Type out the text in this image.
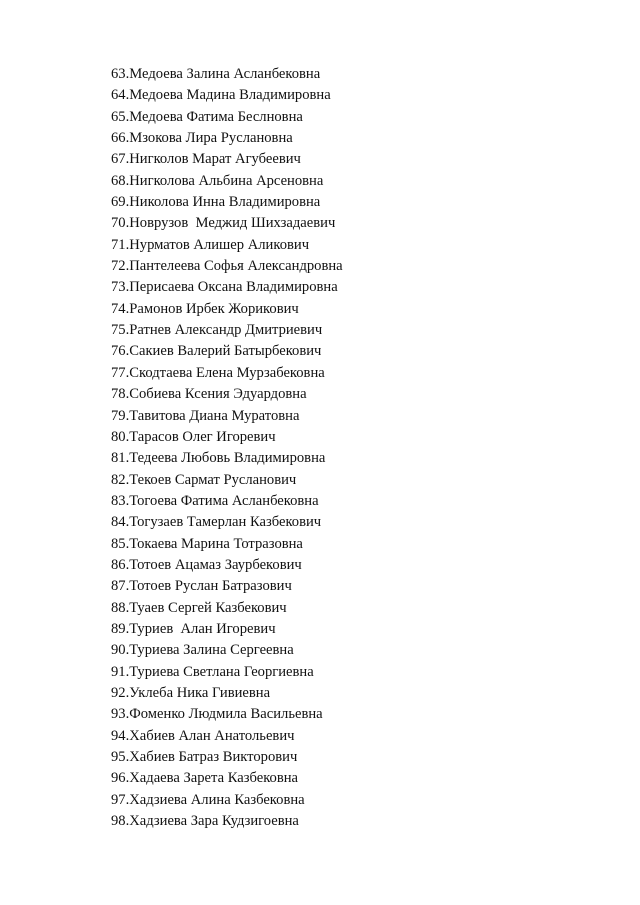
63.Медоева Залина Асланбековна
64.Медоева Мадина Владимировна
65.Медоева Фатима Беслновна
66.Мзокова Лира Руслановна
67.Нигколов Марат Агубеевич
68.Нигколова Альбина Арсеновна
69.Николова Инна Владимировна
70.Новрузов  Меджид Шихзадаевич
71.Нурматов Алишер Аликович
72.Пантелеева Софья Александровна
73.Перисаева Оксана Владимировна
74.Рамонов Ирбек Жорикович
75.Ратнев Александр Дмитриевич
76.Сакиев Валерий Батырбекович
77.Скодтаева Елена Мурзабековна
78.Собиева Ксения Эдуардовна
79.Тавитова Диана Муратовна
80.Тарасов Олег Игоревич
81.Тедеева Любовь Владимировна
82.Текоев Сармат Русланович
83.Тогоева Фатима Асланбековна
84.Тогузаев Тамерлан Казбекович
85.Токаева Марина Тотразовна
86.Тотоев Ацамаз Заурбекович
87.Тотоев Руслан Батразович
88.Туаев Сергей Казбекович
89.Туриев  Алан Игоревич
90.Туриева Залина Сергеевна
91.Туриева Светлана Георгиевна
92.Уклеба Ника Гивиевна
93.Фоменко Людмила Васильевна
94.Хабиев Алан Анатольевич
95.Хабиев Батраз Викторович
96.Хадаева Зарета Казбековна
97.Хадзиева Алина Казбековна
98.Хадзиева Зара Кудзигоевна
